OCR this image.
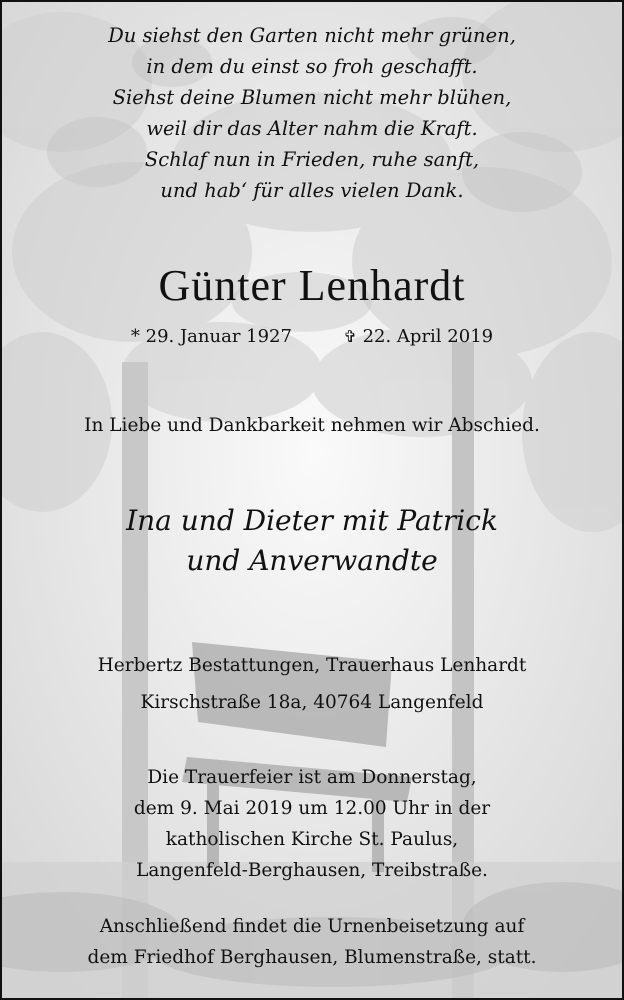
Du siehst den Garten nicht mehr grünen,
in dem du einst so froh geschafft.
Siehst deine Blumen nicht mehr blühen,
weil dir das Alter nahm die Kraft.
Schlaf nun in Frieden, ruhe sanft,
und hab‘ für alles vielen Dank.
Günter Lenhardt
* 29. Januar 1927	✞ 22. April 2019
In Liebe und Dankbarkeit nehmen wir Abschied.
Ina und Dieter mit Patrick
und Anverwandte
Herbertz Bestattungen, Trauerhaus Lenhardt
Kirschstraße 18a, 40764 Langenfeld
Die Trauerfeier ist am Donnerstag,
dem 9. Mai 2019 um 12.00 Uhr in der
katholischen Kirche St. Paulus,
Langenfeld-Berghausen, Treibstraße.
Anschließend findet die Urnenbeisetzung auf
dem Friedhof Berghausen, Blumenstraße, statt.
